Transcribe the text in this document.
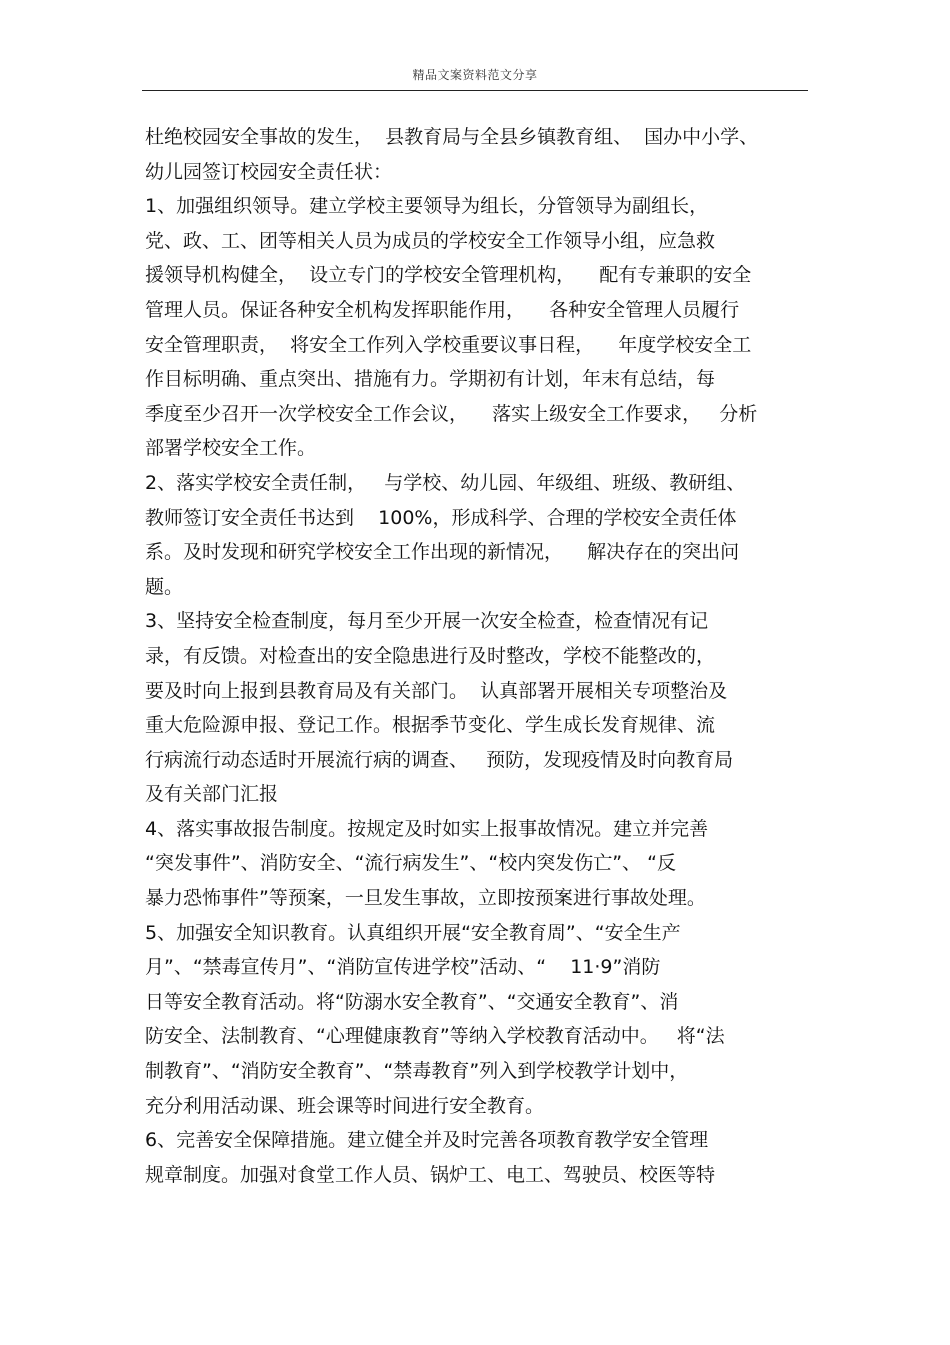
精品文案资料范文分享
杜绝校园安全事故的发生，  县教育局与全县乡镇教育组、  国办中小学、
幼儿园签订校园安全责任状：
1、加强组织领导。建立学校主要领导为组长，分管领导为副组长，
党、政、工、团等相关人员为成员的学校安全工作领导小组，应急救
援领导机构健全，  设立专门的学校安全管理机构，    配有专兼职的安全
管理人员。保证各种安全机构发挥职能作用，    各种安全管理人员履行
安全管理职责，  将安全工作列入学校重要议事日程，    年度学校安全工
作目标明确、重点突出、措施有力。学期初有计划，年末有总结，每
季度至少召开一次学校安全工作会议，    落实上级安全工作要求，   分析
部署学校安全工作。
2、落实学校安全责任制，   与学校、幼儿园、年级组、班级、教研组、
教师签订安全责任书达到    100%，形成科学、合理的学校安全责任体
系。及时发现和研究学校安全工作出现的新情况，    解决存在的突出问
题。
3、坚持安全检查制度，每月至少开展一次安全检查，检查情况有记
录，有反馈。对检查出的安全隐患进行及时整改，学校不能整改的，
要及时向上报到县教育局及有关部门。  认真部署开展相关专项整治及
重大危险源申报、登记工作。根据季节变化、学生成长发育规律、流
行病流行动态适时开展流行病的调查、   预防，发现疫情及时向教育局
及有关部门汇报
4、落实事故报告制度。按规定及时如实上报事故情况。建立并完善
“突发事件”、消防安全、“流行病发生”、“校内突发伤亡”、 “反
暴力恐怖事件”等预案，一旦发生事故，立即按预案进行事故处理。
5、加强安全知识教育。认真组织开展“安全教育周”、“安全生产
月”、“禁毒宣传月”、“消防宣传进学校”活动、“    11·9”消防
日等安全教育活动。将“防溺水安全教育”、“交通安全教育”、消
防安全、法制教育、“心理健康教育”等纳入学校教育活动中。   将“法
制教育”、“消防安全教育”、“禁毒教育”列入到学校教学计划中，
充分利用活动课、班会课等时间进行安全教育。
6、完善安全保障措施。建立健全并及时完善各项教育教学安全管理
规章制度。加强对食堂工作人员、锅炉工、电工、驾驶员、校医等特
